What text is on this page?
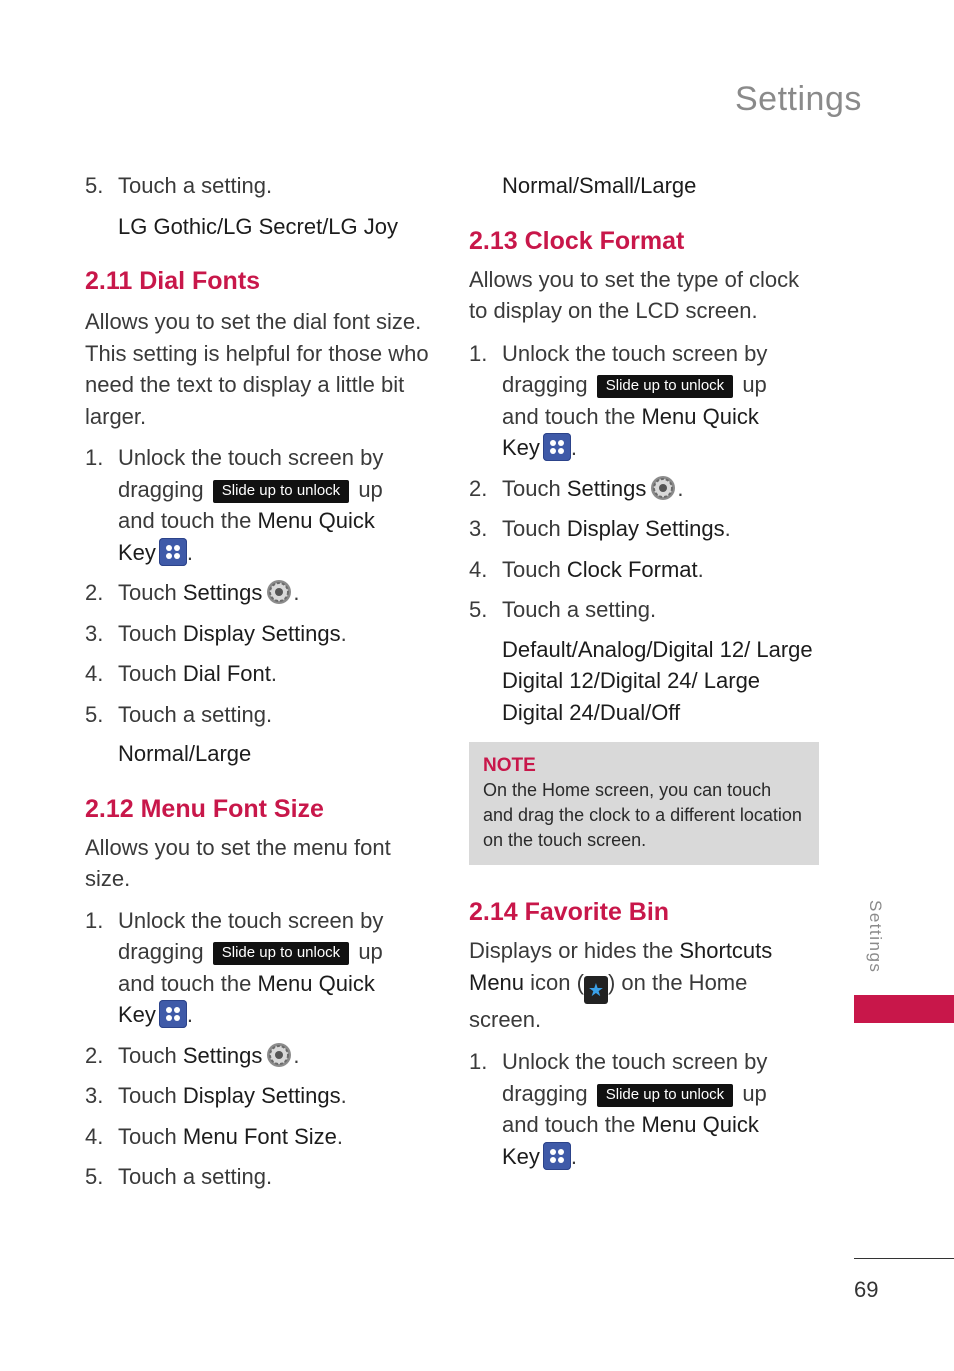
Settings
5. Touch a setting.
LG Gothic/LG Secret/LG Joy
2.11 Dial Fonts

Allows you to set the dial font size. This setting is helpful for those who need the text to display a little bit larger.

1. Unlock the touch screen by
dragging Slide up to unlock up
and touch the Menu Quick
Key .
2. Touch Settings .
3. Touch Display Settings.
4. Touch Dial Font.
5. Touch a setting.
Normal/Large
2.12 Menu Font Size

Allows you to set the menu font size.

1. Unlock the touch screen by
dragging Slide up to unlock up
and touch the Menu Quick
Key .
2. Touch Settings .
3. Touch Display Settings.
4. Touch Menu Font Size.
5. Touch a setting.
Normal/Small/Large
2.13 Clock Format

Allows you to set the type of clock to display on the LCD screen.

1. Unlock the touch screen by
dragging Slide up to unlock up
and touch the Menu Quick
Key .
2. Touch Settings .
3. Touch Display Settings.
4. Touch Clock Format.
5. Touch a setting.
Default/Analog/Digital 12/ Large Digital 12/Digital 24/ Large Digital 24/Dual/Off
NOTE
On the Home screen, you can touch and drag the clock to a different location on the touch screen.
2.14 Favorite Bin

Displays or hides the Shortcuts Menu icon ( ★ ) on the Home screen.

1. Unlock the touch screen by
dragging Slide up to unlock up
and touch the Menu Quick
Key .
Settings
69
